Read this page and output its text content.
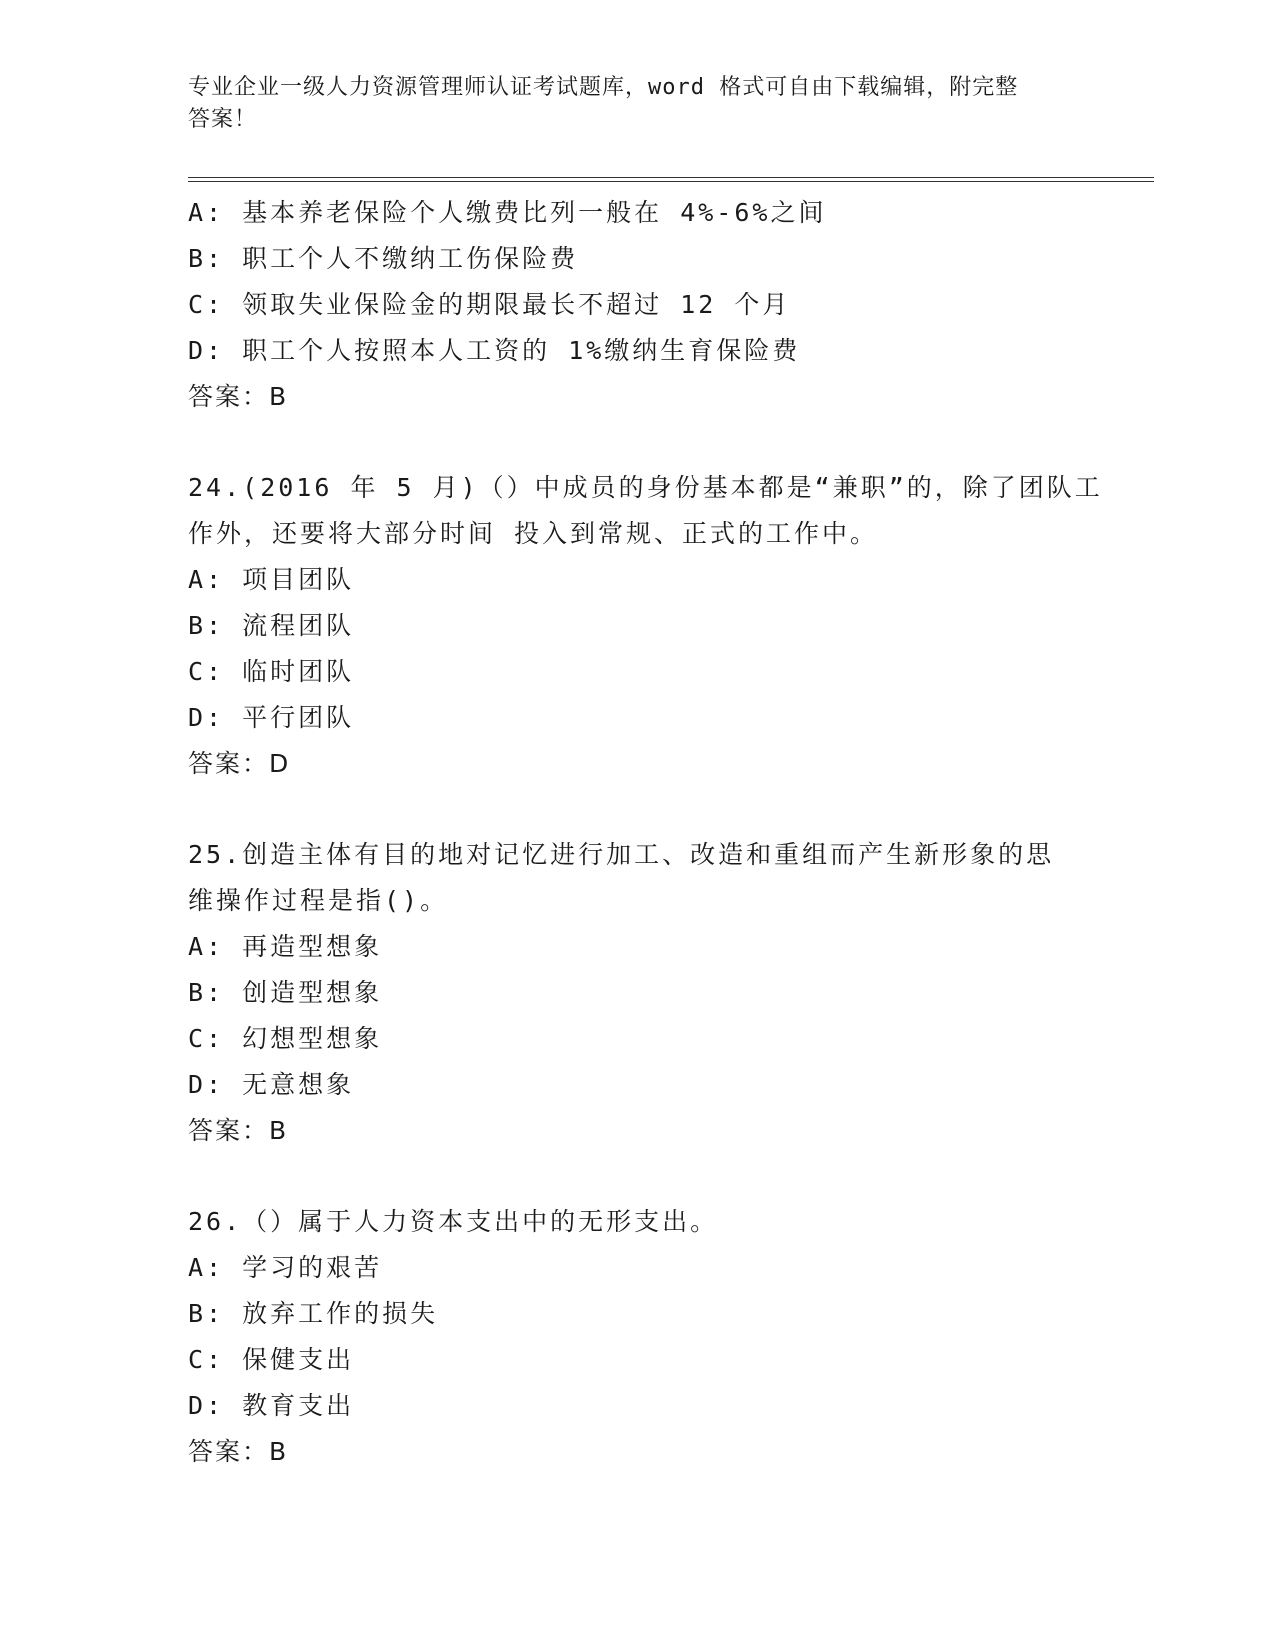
专业企业一级人力资源管理师认证考试题库，word 格式可自由下载编辑，附完整
答案！
A: 基本养老保险个人缴费比列一般在 4%-6%之间
B: 职工个人不缴纳工伤保险费
C: 领取失业保险金的期限最长不超过 12 个月
D: 职工个人按照本人工资的 1%缴纳生育保险费
答案：B
24.(2016 年 5 月)（）中成员的身份基本都是“兼职”的，除了团队工
作外，还要将大部分时间 投入到常规、正式的工作中。
A: 项目团队
B: 流程团队
C: 临时团队
D: 平行团队
答案：D
25.创造主体有目的地对记忆进行加工、改造和重组而产生新形象的思
维操作过程是指()。
A: 再造型想象
B: 创造型想象
C: 幻想型想象
D: 无意想象
答案：B
26.（）属于人力资本支出中的无形支出。
A: 学习的艰苦
B: 放弃工作的损失
C: 保健支出
D: 教育支出
答案：B
